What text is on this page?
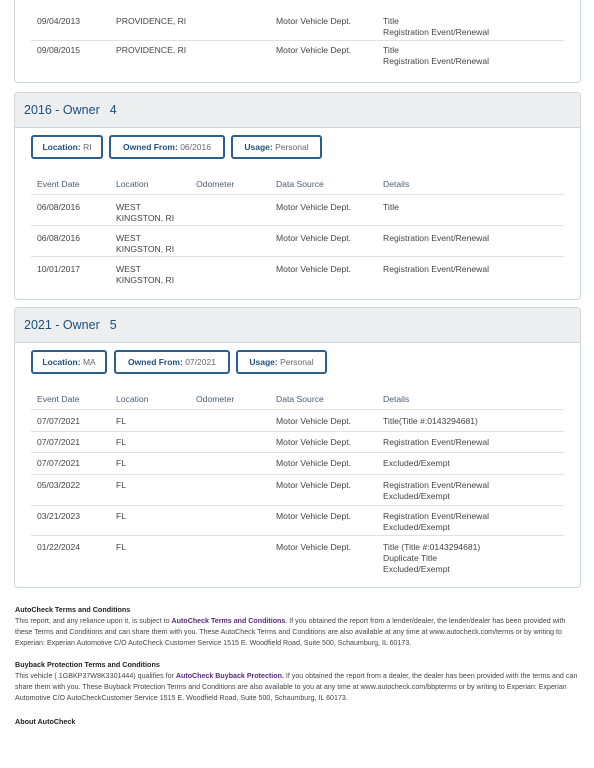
09/04/2013	PROVIDENCE, RI	Motor Vehicle Dept.	Title
Registration Event/Renewal
09/08/2015	PROVIDENCE, RI	Motor Vehicle Dept.	Title
Registration Event/Renewal
2016 - Owner 4
Location: RI	Owned From: 06/2016	Usage: Personal
Event Date	Location	Odometer	Data Source	Details
06/08/2016	WEST
KINGSTON, RI
Motor Vehicle Dept.	Title
06/08/2016	WEST
KINGSTON, RI
Motor Vehicle Dept.	Registration Event/Renewal
10/01/2017	WEST
KINGSTON, RI
Motor Vehicle Dept.	Registration Event/Renewal
2021 - Owner 5
Location: MA	Owned From: 07/2021	Usage: Personal
Event Date	Location	Odometer	Data Source	Details
07/07/2021	FL	Motor Vehicle Dept.	Title(Title #:0143294681)
07/07/2021	FL	Motor Vehicle Dept.	Registration Event/Renewal
07/07/2021	FL	Motor Vehicle Dept.	Excluded/Exempt
05/03/2022	FL	Motor Vehicle Dept.	Registration Event/Renewal
Excluded/Exempt
03/21/2023	FL	Motor Vehicle Dept.	Registration Event/Renewal
Excluded/Exempt
01/22/2024	FL	Motor Vehicle Dept.	Title (Title #:0143294681)
Duplicate Title
Excluded/Exempt
AutoCheck Terms and Conditions
This report, and any reliance upon it, is subject to AutoCheck Terms and Conditions. If you obtained the report from a lender/dealer, the lender/dealer has been provided with these Terms and Conditions and can share them with you. These AutoCheck Terms and Conditions are also available at any time at www.autocheck.com/terms or by writing to Experian: Experian Automotive C/O AutoCheck Customer Service 1515 E. Woodfield Road, Suite 500, Schaumburg, IL 60173.
Buyback Protection Terms and Conditions
This vehicle ( 1GBKP37W8K3301444) qualifies for AutoCheck Buyback Protection. If you obtained the report from a dealer, the dealer has been provided with the terms and can share them with you. These Buyback Protection Terms and Conditions are also available to you at any time at www.autocheck.com/bbpterms or by writing to Experian: Experian Automotive C/O AutoCheckCustomer Service 1515 E. Woodfield Road, Suite 500, Schaumburg, IL 60173.
About AutoCheck
